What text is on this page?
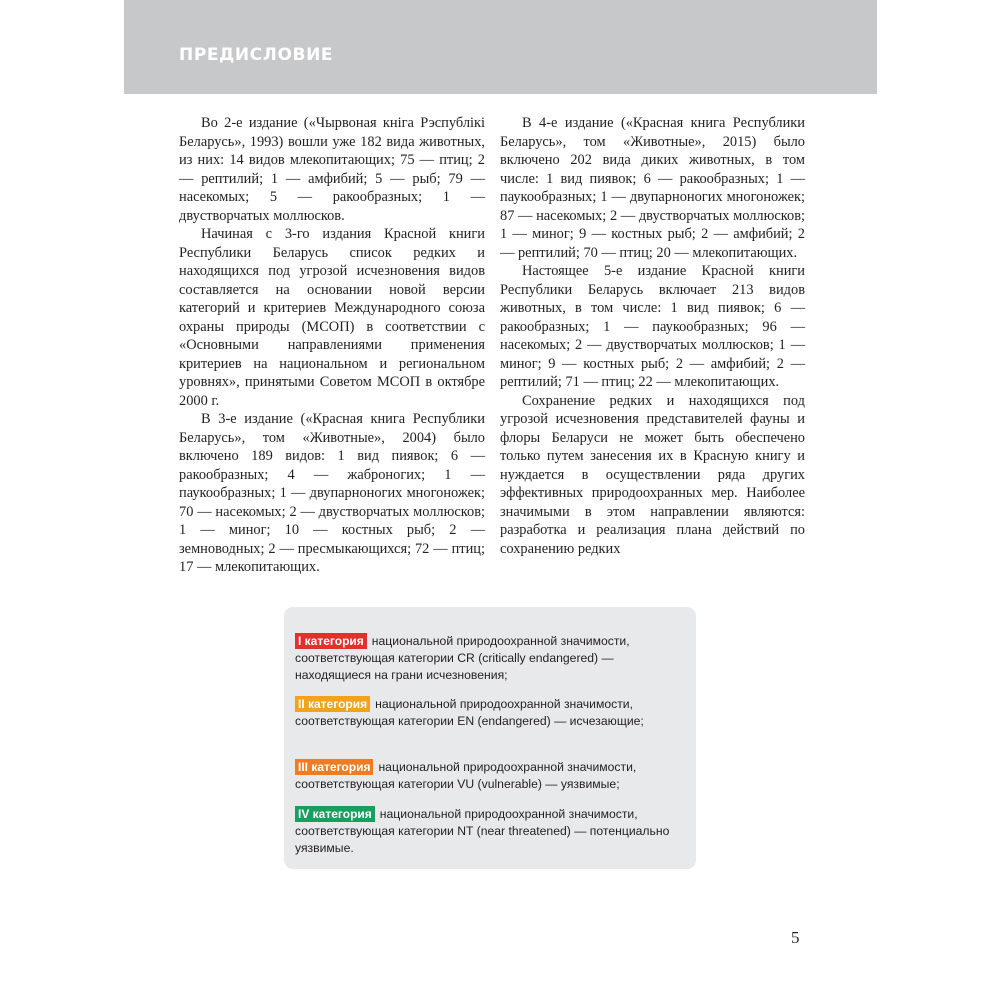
ПРЕДИСЛОВИЕ

Во 2-е издание («Чырвоная кніга Рэспублікі Беларусь», 1993) вошли уже 182 вида животных, из них: 14 видов млекопитающих; 75 — птиц; 2 — рептилий; 1 — амфибий; 5 — рыб; 79 — насекомых; 5 — ракообразных; 1 — двустворчатых моллюсков.

Начиная с 3-го издания Красной книги Республики Беларусь список редких и находящихся под угрозой исчезновения видов составляется на основании новой версии категорий и критериев Международного союза охраны природы (МСОП) в соответствии с «Основными направлениями применения критериев на национальном и региональном уровнях», принятыми Советом МСОП в октябре 2000 г.

В 3-е издание («Красная книга Республики Беларусь», том «Животные», 2004) было включено 189 видов: 1 вид пиявок; 6 — ракообразных; 4 — жаброногих; 1 — паукообразных; 1 — двупарноногих многоножек; 70 — насекомых; 2 — двустворчатых моллюсков; 1 — миног; 10 — костных рыб; 2 — земноводных; 2 — пресмыкающихся; 72 — птиц; 17 — млекопитающих.

В 4-е издание («Красная книга Республики Беларусь», том «Животные», 2015) было включено 202 вида диких животных, в том числе: 1 вид пиявок; 6 — ракообразных; 1 — паукообразных; 1 — двупарноногих многоножек; 87 — насекомых; 2 — двустворчатых моллюсков; 1 — миног; 9 — костных рыб; 2 — амфибий; 2 — рептилий; 70 — птиц; 20 — млекопитающих.

Настоящее 5-е издание Красной книги Республики Беларусь включает 213 видов животных, в том числе: 1 вид пиявок; 6 — ракообразных; 1 — паукообразных; 96 — насекомых; 2 — двустворчатых моллюсков; 1 — миног; 9 — костных рыб; 2 — амфибий; 2 — рептилий; 71 — птиц; 22 — млекопитающих.

Сохранение редких и находящихся под угрозой исчезновения представителей фауны и флоры Беларуси не может быть обеспечено только путем занесения их в Красную книгу и нуждается в осуществлении ряда других эффективных природоохранных мер. Наиболее значимыми в этом направлении являются: разработка и реализация плана действий по сохранению редких

I категория национальной природоохранной значимости, соответствующая категории CR (critically endangered) — находящиеся на грани исчезновения;
II категория национальной природоохранной значимости, соответствующая категории EN (endangered) — исчезающие;
III категория национальной природоохранной значимости, соответствующая категории VU (vulnerable) — уязвимые;
IV категория национальной природоохранной значимости, соответствующая категории NT (near threatened) — потенциально уязвимые.
5
